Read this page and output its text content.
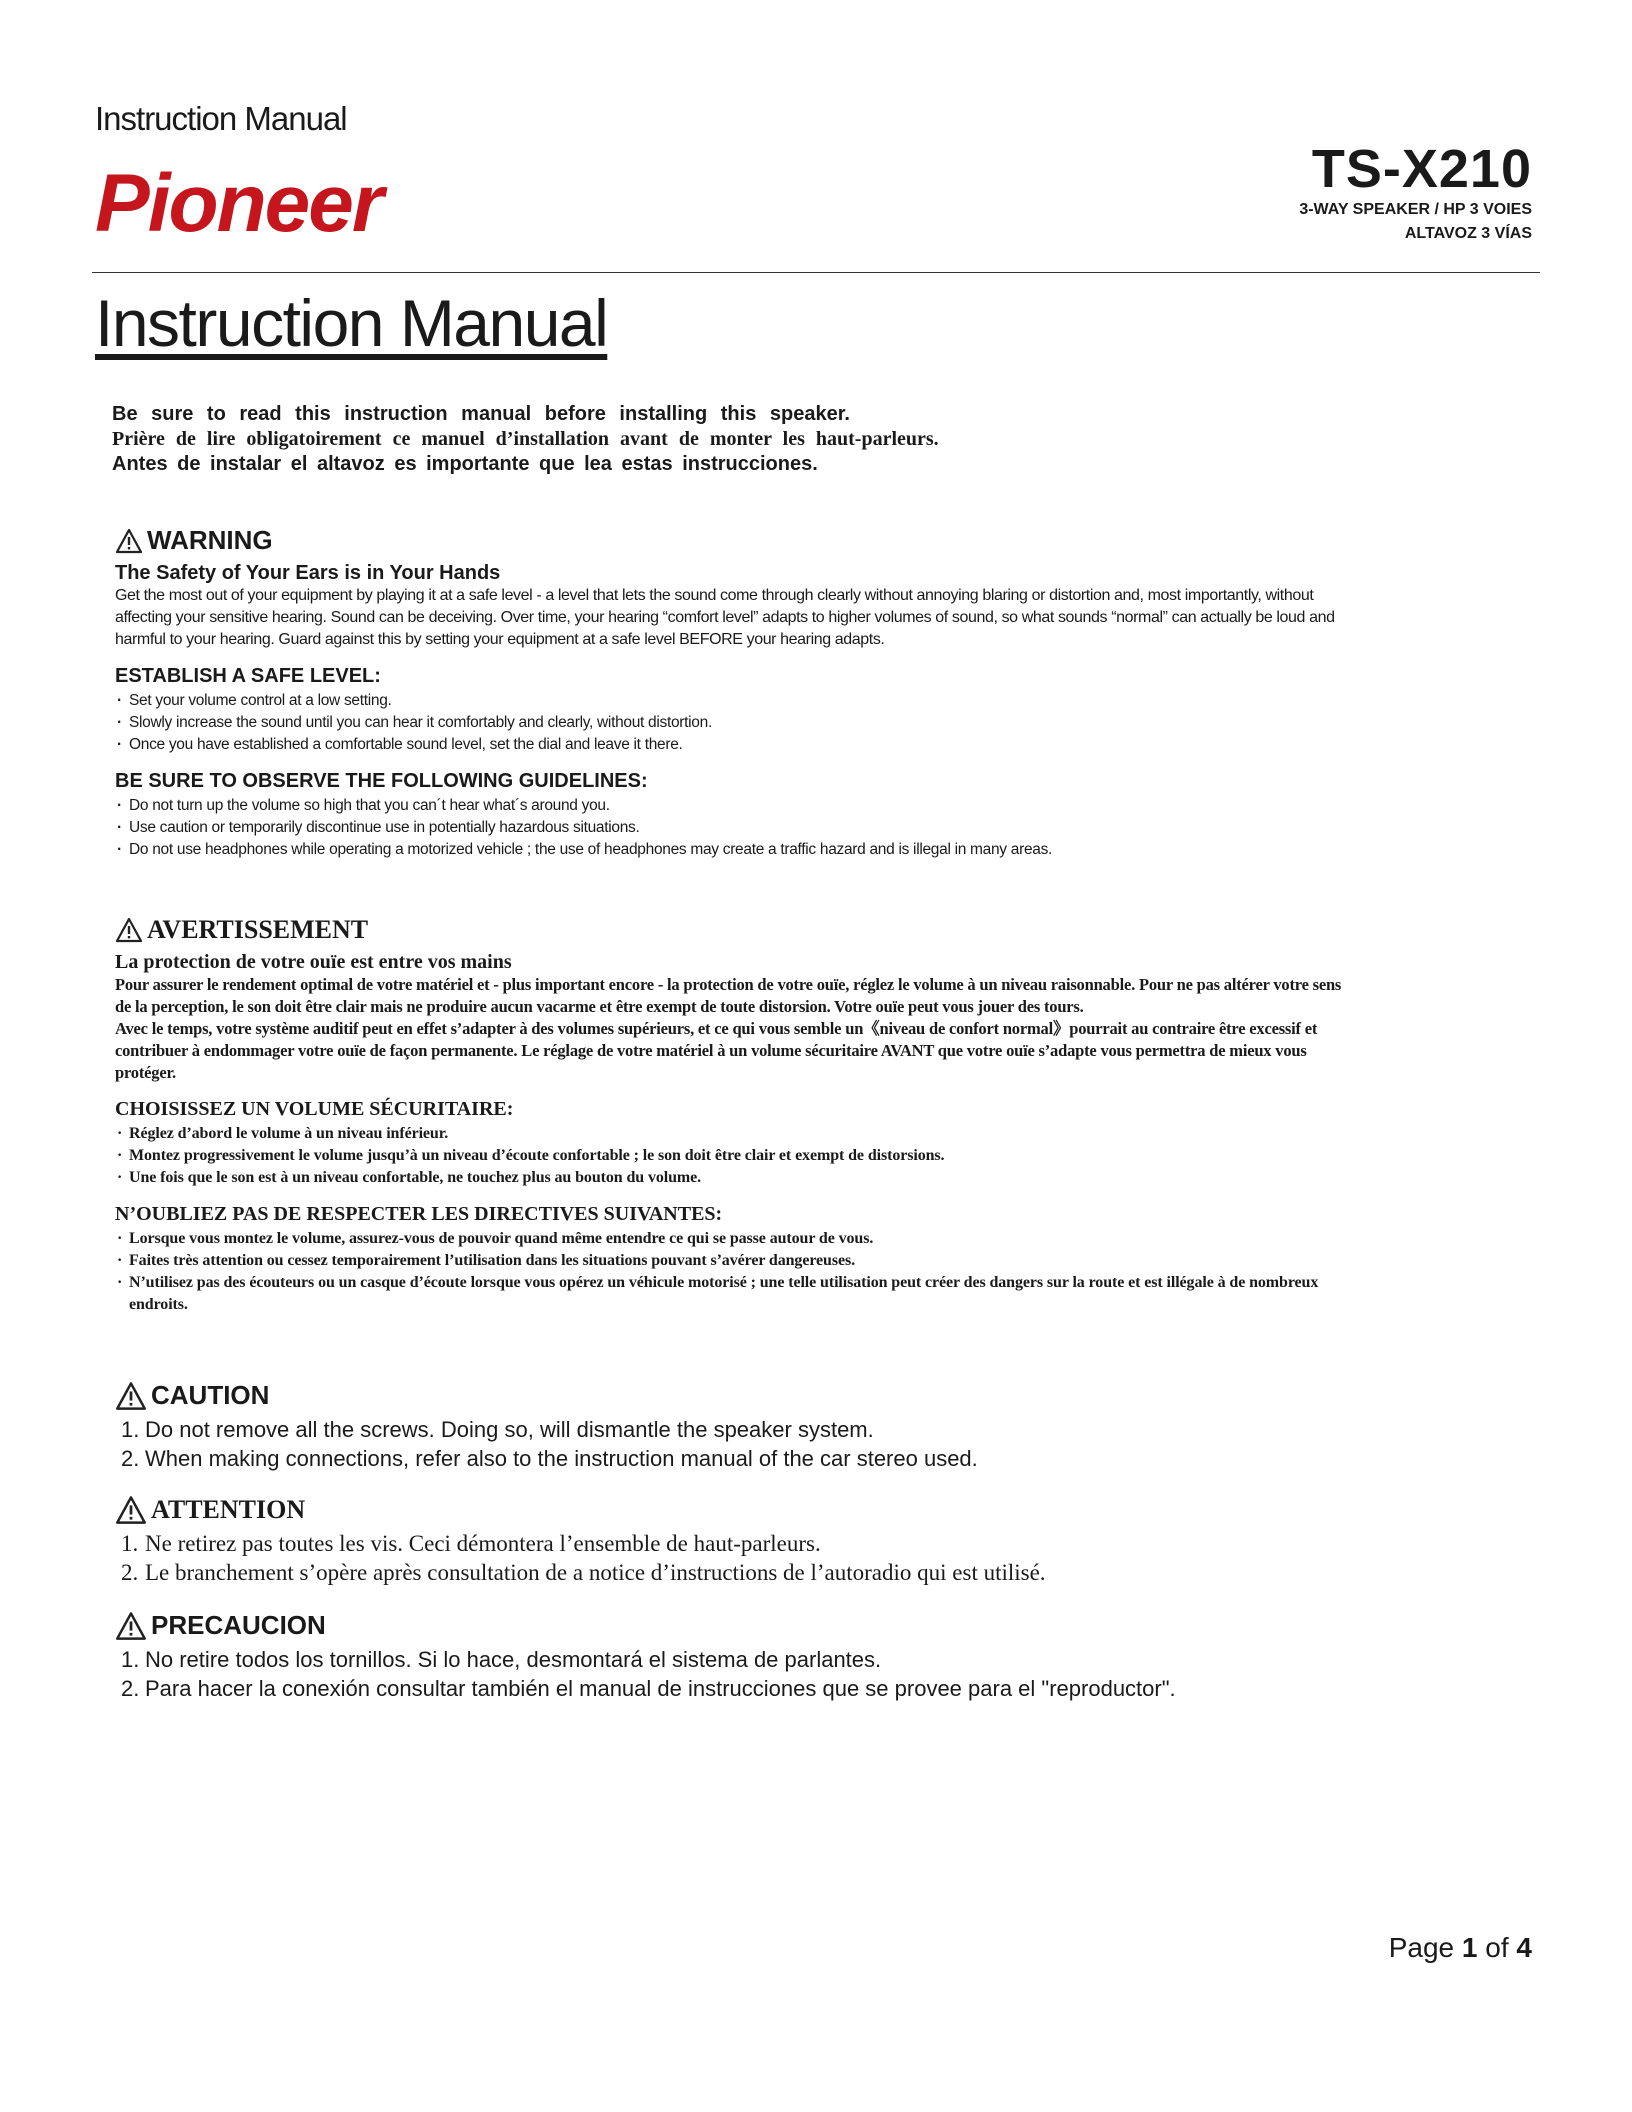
Instruction Manual
Pioneer	TS-X210
3-WAY SPEAKER / HP 3 VOIES
ALTAVOZ 3 VÍAS
Instruction Manual
Be sure to read this instruction manual before installing this speaker.
Prière de lire obligatoirement ce manuel d’installation avant de monter les haut-parleurs.
Antes de instalar el altavoz es importante que lea estas instrucciones.
WARNING
The Safety of Your Ears is in Your Hands
Get the most out of your equipment by playing it at a safe level - a level that lets the sound come through clearly without annoying blaring or distortion and, most importantly, without affecting your sensitive hearing. Sound can be deceiving. Over time, your hearing “comfort level” adapts to higher volumes of sound, so what sounds “normal” can actually be loud and harmful to your hearing. Guard against this by setting your equipment at a safe level BEFORE your hearing adapts.
ESTABLISH A SAFE LEVEL:
· Set your volume control at a low setting.
· Slowly increase the sound until you can hear it comfortably and clearly, without distortion.
· Once you have established a comfortable sound level, set the dial and leave it there.
BE SURE TO OBSERVE THE FOLLOWING GUIDELINES:
· Do not turn up the volume so high that you can´t hear what´s around you.
· Use caution or temporarily discontinue use in potentially hazardous situations.
· Do not use headphones while operating a motorized vehicle ; the use of headphones may create a traffic hazard and is illegal in many areas.
AVERTISSEMENT
La protection de votre ouïe est entre vos mains
Pour assurer le rendement optimal de votre matériel et - plus important encore - la protection de votre ouïe, réglez le volume à un niveau raisonnable. Pour ne pas altérer votre sens de la perception, le son doit être clair mais ne produire aucun vacarme et être exempt de toute distorsion. Votre ouïe peut vous jouer des tours.
Avec le temps, votre système auditif peut en effet s’adapter à des volumes supérieurs, et ce qui vous semble un《niveau de confort normal》pourrait au contraire être excessif et contribuer à endommager votre ouïe de façon permanente. Le réglage de votre matériel à un volume sécuritaire AVANT que votre ouïe s’adapte vous permettra de mieux vous protéger.
CHOISISSEZ UN VOLUME SÉCURITAIRE:
· Réglez d’abord le volume à un niveau inférieur.
· Montez progressivement le volume jusqu’à un niveau d’écoute confortable ; le son doit être clair et exempt de distorsions.
· Une fois que le son est à un niveau confortable, ne touchez plus au bouton du volume.
N’OUBLIEZ PAS DE RESPECTER LES DIRECTIVES SUIVANTES:
· Lorsque vous montez le volume, assurez-vous de pouvoir quand même entendre ce qui se passe autour de vous.
· Faites très attention ou cessez temporairement l’utilisation dans les situations pouvant s’avérer dangereuses.
· N’utilisez pas des écouteurs ou un casque d’écoute lorsque vous opérez un véhicule motorisé ; une telle utilisation peut créer des dangers sur la route et est illégale à de nombreux endroits.
CAUTION
1. Do not remove all the screws. Doing so, will dismantle the speaker system.
2. When making connections, refer also to the instruction manual of the car stereo used.
ATTENTION
1. Ne retirez pas toutes les vis. Ceci démontera l’ensemble de haut-parleurs.
2. Le branchement s’opère après consultation de a notice d’instructions de l’autoradio qui est utilisé.
PRECAUCION
1. No retire todos los tornillos. Si lo hace, desmontará el sistema de parlantes.
2. Para hacer la conexión consultar también el manual de instrucciones que se provee para el "reproductor".
Page 1 of 4
